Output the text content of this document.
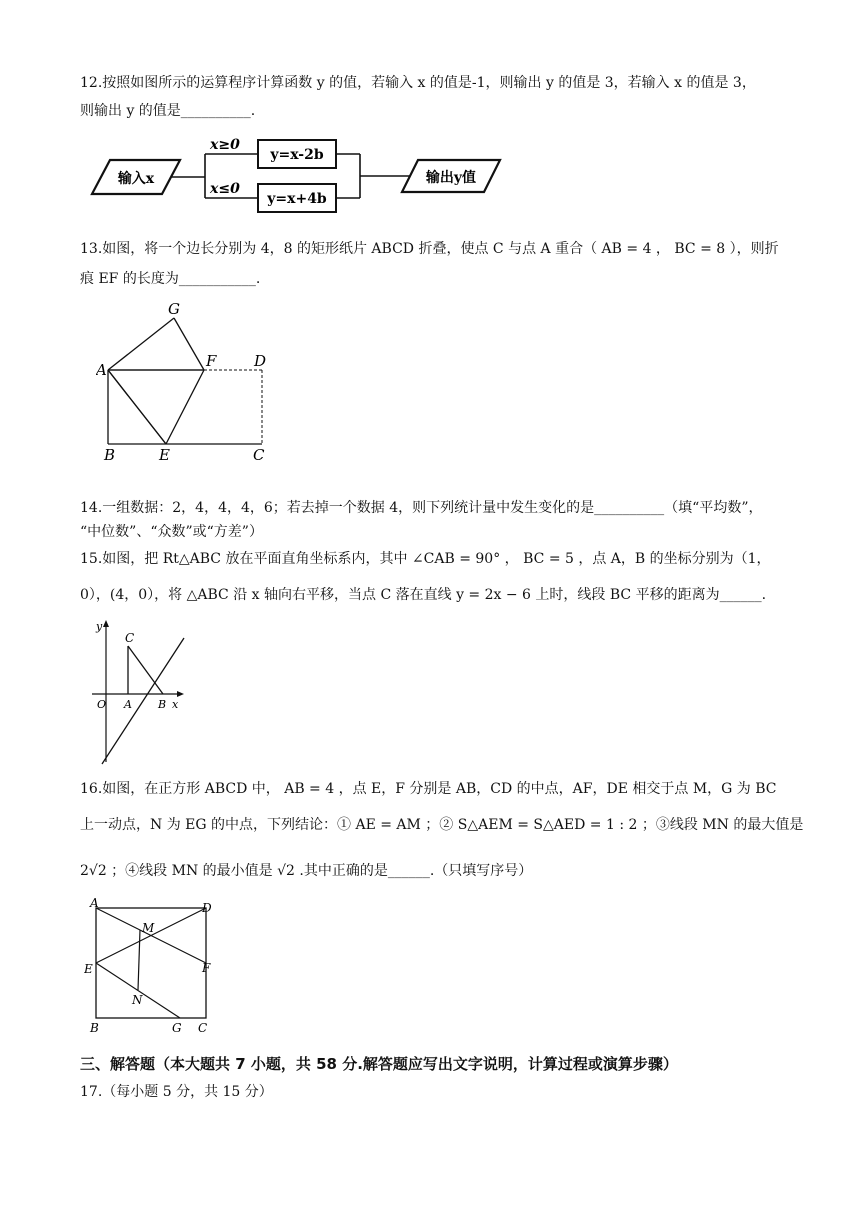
12.按照如图所示的运算程序计算函数 y 的值，若输入 x 的值是-1，则输出 y 的值是 3，若输入 x 的值是 3，
则输出 y 的值是__________.
输入x
x≥0
x≤0
y=x-2b
y=x+4b
输出y值
13.如图，将一个边长分别为 4，8 的矩形纸片 ABCD 折叠，使点 C 与点 A 重合（ AB = 4 ， BC = 8 ），则折
痕 EF 的长度为___________.
G
A	F	D
B	E	C
14.一组数据：2，4，4，4，6；若去掉一个数据 4，则下列统计量中发生变化的是__________（填“平均数”，
“中位数”、“众数”或“方差”）
15.如图，把 Rt△ABC 放在平面直角坐标系内，其中 ∠CAB = 90° ， BC = 5 ，点 A，B 的坐标分别为（1，
0），(4，0），将 △ABC 沿 x 轴向右平移，当点 C 落在直线 y = 2x − 6 上时，线段 BC 平移的距离为______.
y
C
O A B x
16.如图，在正方形 ABCD 中， AB = 4 ，点 E，F 分别是 AB，CD 的中点，AF，DE 相交于点 M，G 为 BC
上一动点，N 为 EG 的中点，下列结论：① AE = AM ；② S△AEM = S△AED = 1 : 2 ；③线段 MN 的最大值是
2√2 ；④线段 MN 的最小值是 √2 .其中正确的是______.（只填写序号）
A	D
M
E	F
N
B	G C
三、解答题（本大题共 7 小题，共 58 分.解答题应写出文字说明，计算过程或演算步骤）
17.（每小题 5 分，共 15 分）
